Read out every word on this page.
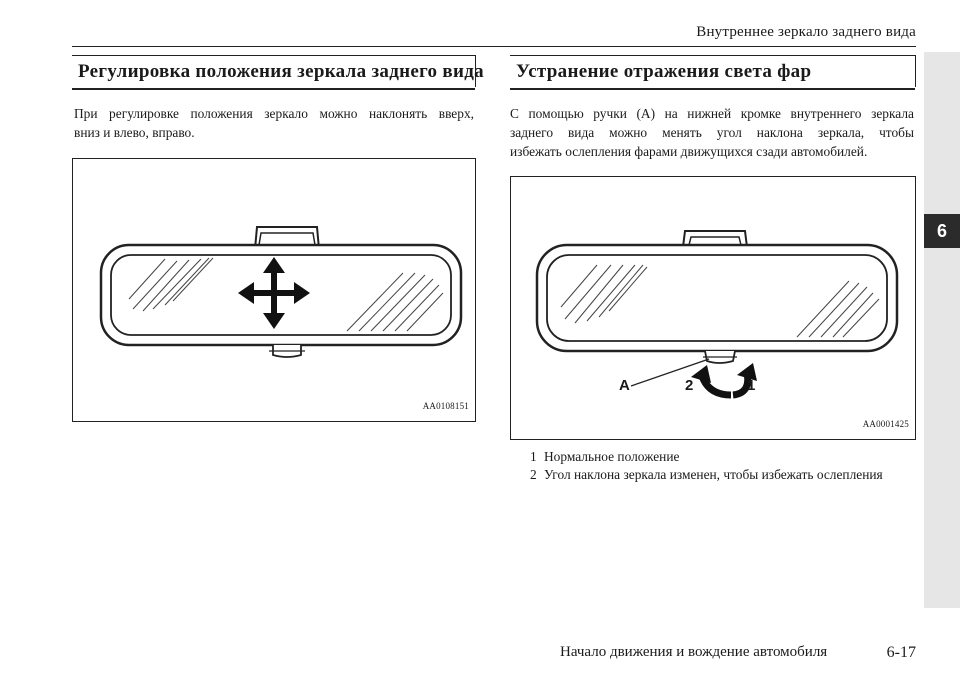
Внутреннее зеркало заднего вида
6
Регулировка положения зеркала заднего вида
При регулировке положения зеркало можно наклонять вверх,
вниз и влево, вправо.
AA0108151
Устранение отражения света фар
С помощью ручки (А) на нижней кромке внутреннего зеркала
заднего вида можно менять угол наклона зеркала, чтобы
избежать ослепления фарами движущихся сзади автомобилей.
A	2	1
AA0001425
1 Нормальное положение
2 Угол наклона зеркала изменен, чтобы избежать ослепления
Начало движения и вождение автомобиля	6-17
